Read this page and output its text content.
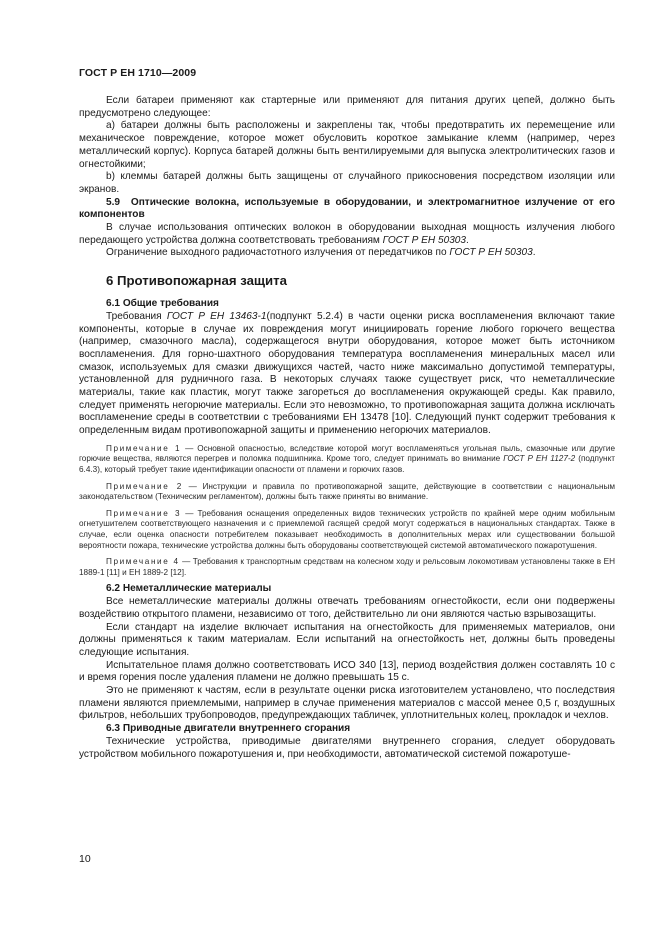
ГОСТ Р ЕН 1710—2009

Если батареи применяют как стартерные или применяют для питания других цепей, должно быть предусмотрено следующее:

а) батареи должны быть расположены и закреплены так, чтобы предотвратить их перемещение или механическое повреждение, которое может обусловить короткое замыкание клемм (например, через металлический корпус). Корпуса батарей должны быть вентилируемыми для выпуска электролитических газов и огнестойкими;

b) клеммы батарей должны быть защищены от случайного прикосновения посредством изоляции или экранов.

5.9 Оптические волокна, используемые в оборудовании, и электромагнитное излучение от его компонентов

В случае использования оптических волокон в оборудовании выходная мощность излучения любого передающего устройства должна соответствовать требованиям ГОСТ Р ЕН 50303.

Ограничение выходного радиочастотного излучения от передатчиков по ГОСТ Р ЕН 50303.

6 Противопожарная защита

6.1 Общие требования

Требования ГОСТ Р ЕН 13463-1(подпункт 5.2.4) в части оценки риска воспламенения включают такие компоненты, которые в случае их повреждения могут инициировать горение любого горючего вещества (например, смазочного масла), содержащегося внутри оборудования, которое может быть источником воспламенения. Для горно-шахтного оборудования температура воспламенения минеральных масел или смазок, используемых для смазки движущихся частей, часто ниже максимально допустимой температуры, установленной для рудничного газа. В некоторых случаях также существует риск, что неметаллические материалы, такие как пластик, могут также загореться до воспламенения окружающей среды. Как правило, следует применять негорючие материалы. Если это невозможно, то противопожарная защита должна исключать воспламенение среды в соответствии с требованиями ЕН 13478 [10]. Следующий пункт содержит требования к определенным видам противопожарной защиты и применению негорючих материалов.

Примечание 1 — Основной опасностью, вследствие которой могут воспламеняться угольная пыль, смазочные или другие горючие вещества, являются перегрев и поломка подшипника. Кроме того, следует принимать во внимание ГОСТ Р ЕН 1127-2 (подпункт 6.4.3), который требует такие идентификации опасности от пламени и горючих газов.

Примечание 2 — Инструкции и правила по противопожарной защите, действующие в соответствии с национальным законодательством (Техническим регламентом), должны быть также приняты во внимание.

Примечание 3 — Требования оснащения определенных видов технических устройств по крайней мере одним мобильным огнетушителем соответствующего назначения и с приемлемой гасящей средой могут содержаться в национальных стандартах. Также в случае, если оценка опасности потребителем показывает необходимость в дополнительных мерах или существовании большой вероятности пожара, технические устройства должны быть оборудованы соответствующей системой автоматического пожаротушения.

Примечание 4 — Требования к транспортным средствам на колесном ходу и рельсовым локомотивам установлены также в ЕН 1889-1 [11] и ЕН 1889-2 [12].

6.2 Неметаллические материалы

Все неметаллические материалы должны отвечать требованиям огнестойкости, если они подвержены воздействию открытого пламени, независимо от того, действительно ли они являются частью взрывозащиты.

Если стандарт на изделие включает испытания на огнестойкость для применяемых материалов, они должны применяться к таким материалам. Если испытаний на огнестойкость нет, должны быть проведены следующие испытания.

Испытательное пламя должно соответствовать ИСО 340 [13], период воздействия должен составлять 10 с и время горения после удаления пламени не должно превышать 15 с.

Это не применяют к частям, если в результате оценки риска изготовителем установлено, что последствия пламени являются приемлемыми, например в случае применения материалов с массой менее 0,5 г, воздушных фильтров, небольших трубопроводов, предупреждающих табличек, уплотнительных колец, прокладок и чехлов.

6.3 Приводные двигатели внутреннего сгорания

Технические устройства, приводимые двигателями внутреннего сгорания, следует оборудовать устройством мобильного пожаротушения и, при необходимости, автоматической системой пожаротуше-

10
